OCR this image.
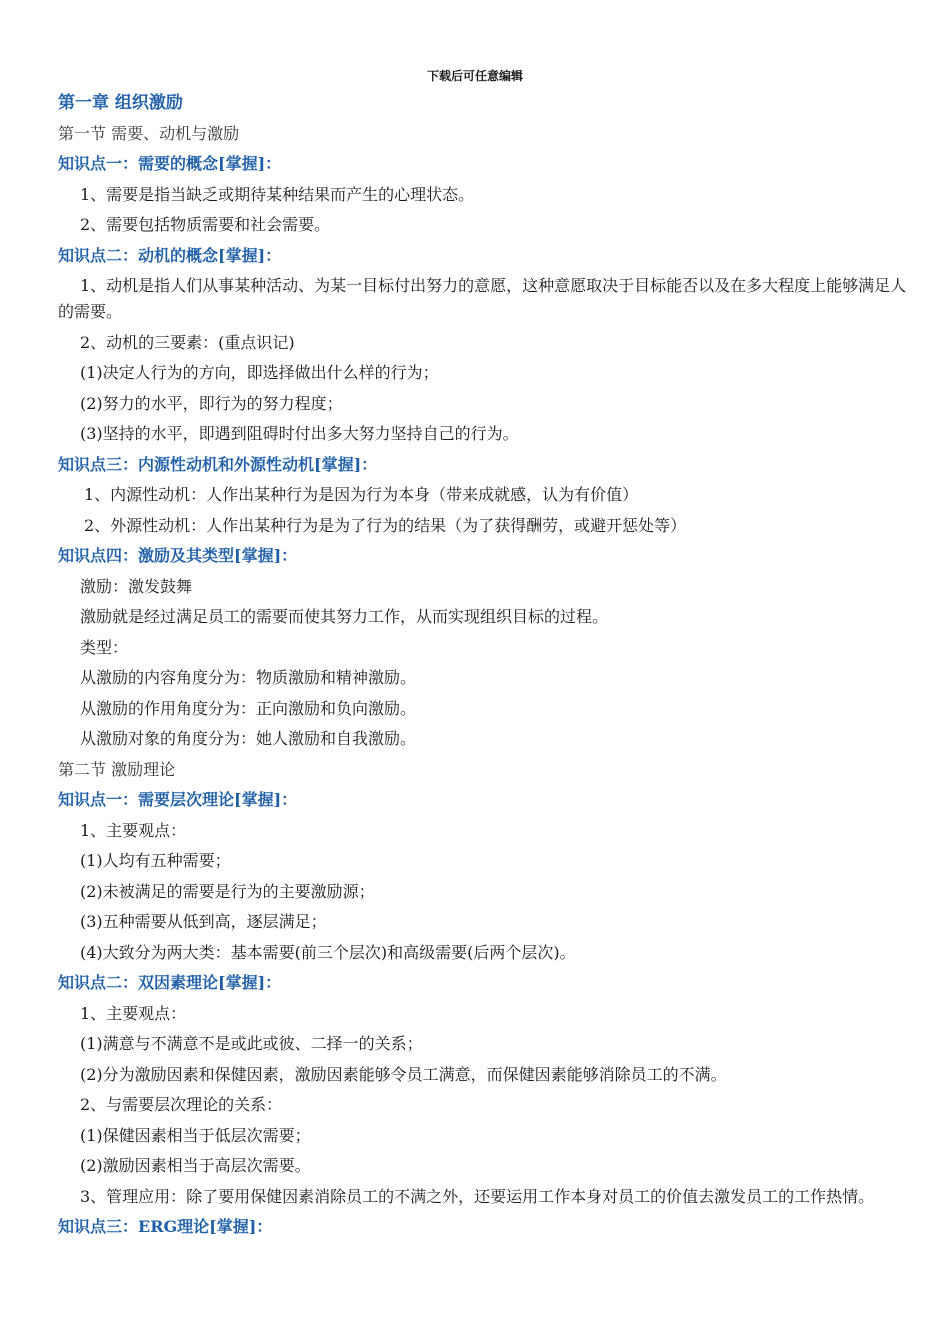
下载后可任意编辑

第一章 组织激励

第一节 需要、动机与激励

知识点一：需要的概念[掌握]：

1、需要是指当缺乏或期待某种结果而产生的心理状态。

2、需要包括物质需要和社会需要。

知识点二：动机的概念[掌握]：

1、动机是指人们从事某种活动、为某一目标付出努力的意愿，这种意愿取决于目标能否以及在多大程度上能够满足人的需要。

2、动机的三要素：(重点识记)

(1)决定人行为的方向，即选择做出什么样的行为；

(2)努力的水平，即行为的努力程度；

(3)坚持的水平，即遇到阻碍时付出多大努力坚持自己的行为。

知识点三：内源性动机和外源性动机[掌握]：

1、内源性动机：人作出某种行为是因为行为本身（带来成就感，认为有价值）

2、外源性动机：人作出某种行为是为了行为的结果（为了获得酬劳，或避开惩处等）

知识点四：激励及其类型[掌握]：

激励：激发鼓舞

激励就是经过满足员工的需要而使其努力工作，从而实现组织目标的过程。

类型：

从激励的内容角度分为：物质激励和精神激励。

从激励的作用角度分为：正向激励和负向激励。

从激励对象的角度分为：她人激励和自我激励。

第二节 激励理论

知识点一：需要层次理论[掌握]：

1、主要观点：

(1)人均有五种需要；

(2)未被满足的需要是行为的主要激励源；

(3)五种需要从低到高，逐层满足；

(4)大致分为两大类：基本需要(前三个层次)和高级需要(后两个层次)。

知识点二：双因素理论[掌握]：

1、主要观点：

(1)满意与不满意不是或此或彼、二择一的关系；

(2)分为激励因素和保健因素，激励因素能够令员工满意，而保健因素能够消除员工的不满。

2、与需要层次理论的关系：

(1)保健因素相当于低层次需要；

(2)激励因素相当于高层次需要。

3、管理应用：除了要用保健因素消除员工的不满之外，还要运用工作本身对员工的价值去激发员工的工作热情。

知识点三：ERG理论[掌握]：
